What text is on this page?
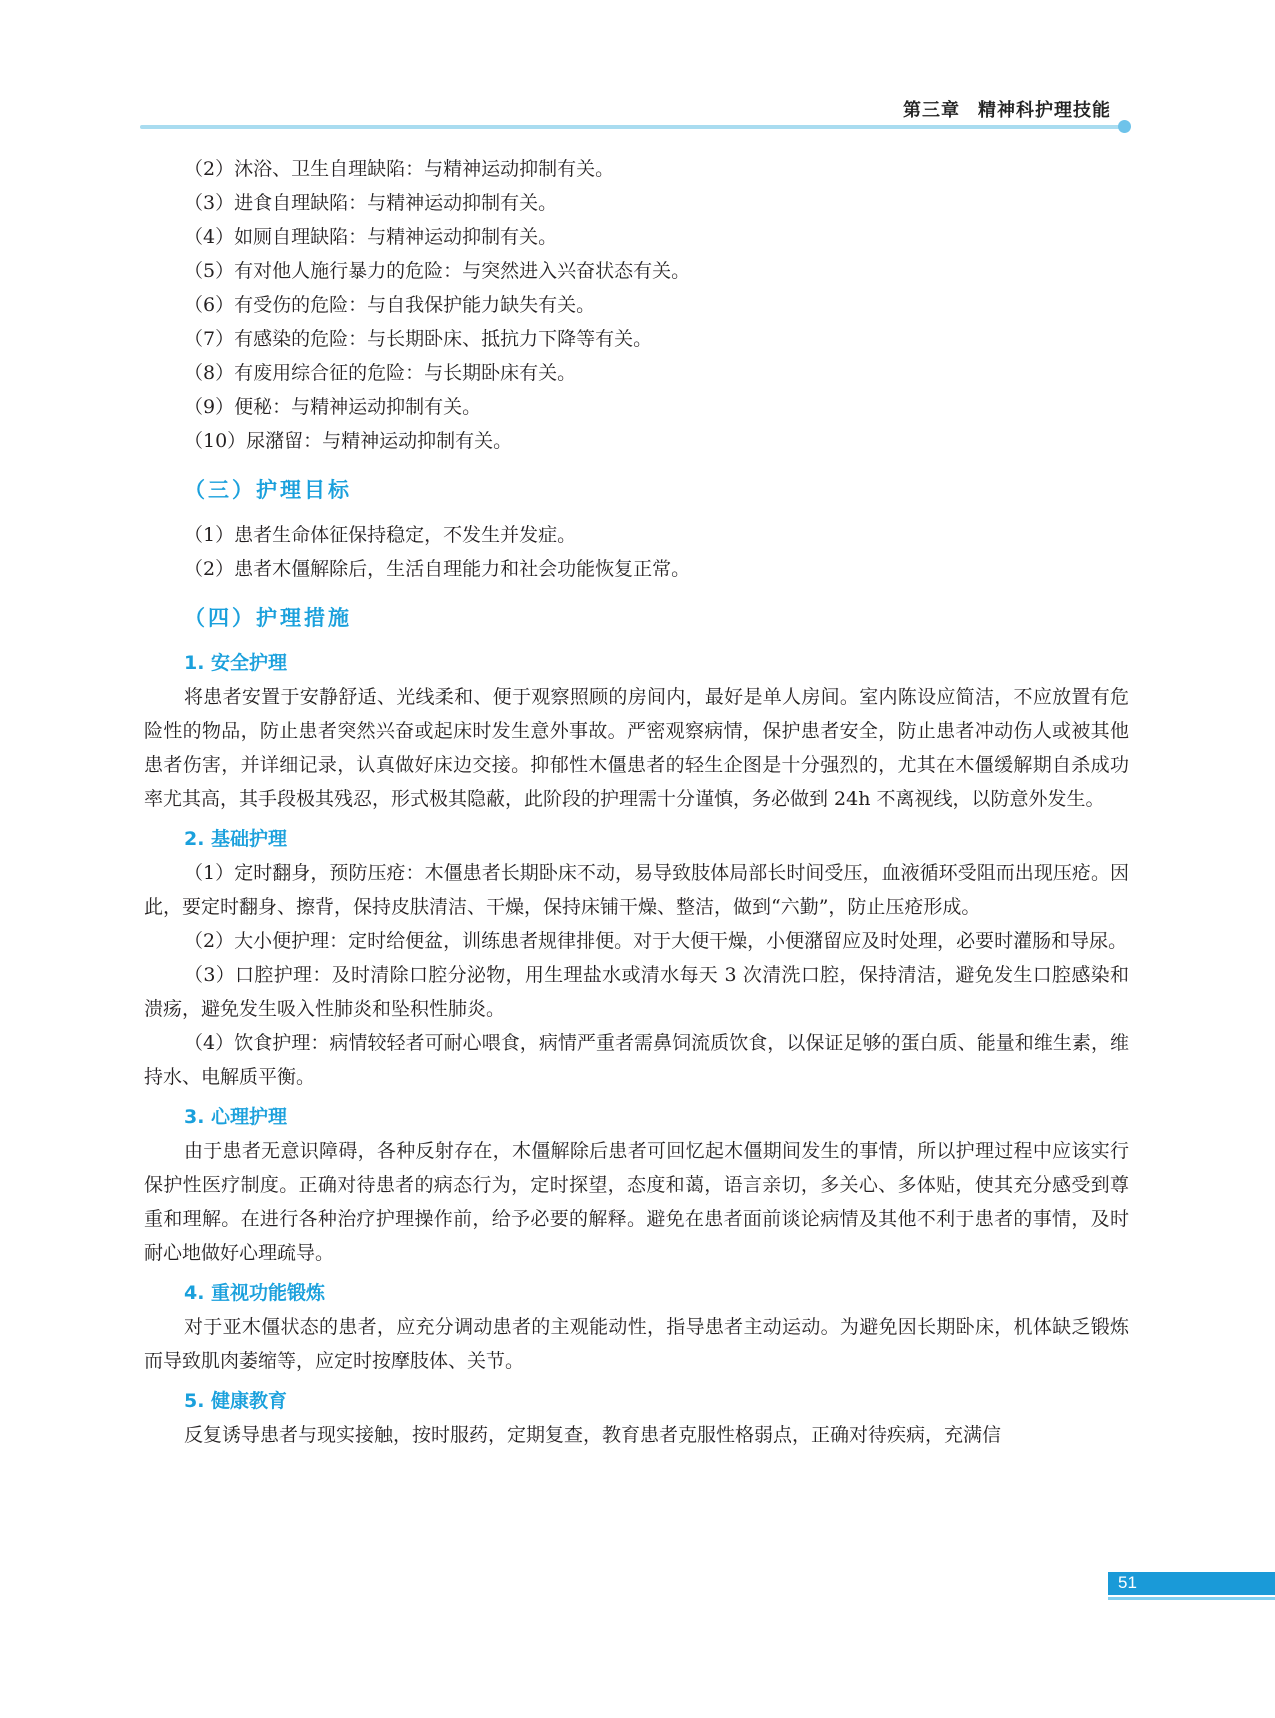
第三章 精神科护理技能

（2）沐浴、卫生自理缺陷：与精神运动抑制有关。

（3）进食自理缺陷：与精神运动抑制有关。

（4）如厕自理缺陷：与精神运动抑制有关。

（5）有对他人施行暴力的危险：与突然进入兴奋状态有关。

（6）有受伤的危险：与自我保护能力缺失有关。

（7）有感染的危险：与长期卧床、抵抗力下降等有关。

（8）有废用综合征的危险：与长期卧床有关。

（9）便秘：与精神运动抑制有关。

（10）尿潴留：与精神运动抑制有关。

（三）护理目标

（1）患者生命体征保持稳定，不发生并发症。

（2）患者木僵解除后，生活自理能力和社会功能恢复正常。

（四）护理措施
1. 安全护理

将患者安置于安静舒适、光线柔和、便于观察照顾的房间内，最好是单人房间。室内陈设应简洁，不应放置有危险性的物品，防止患者突然兴奋或起床时发生意外事故。严密观察病情，保护患者安全，防止患者冲动伤人或被其他患者伤害，并详细记录，认真做好床边交接。抑郁性木僵患者的轻生企图是十分强烈的，尤其在木僵缓解期自杀成功率尤其高，其手段极其残忍，形式极其隐蔽，此阶段的护理需十分谨慎，务必做到 24h 不离视线，以防意外发生。

2. 基础护理

（1）定时翻身，预防压疮：木僵患者长期卧床不动，易导致肢体局部长时间受压，血液循环受阻而出现压疮。因此，要定时翻身、擦背，保持皮肤清洁、干燥，保持床铺干燥、整洁，做到“六勤”，防止压疮形成。

（2）大小便护理：定时给便盆，训练患者规律排便。对于大便干燥，小便潴留应及时处理，必要时灌肠和导尿。

（3）口腔护理：及时清除口腔分泌物，用生理盐水或清水每天 3 次清洗口腔，保持清洁，避免发生口腔感染和溃疡，避免发生吸入性肺炎和坠积性肺炎。

（4）饮食护理：病情较轻者可耐心喂食，病情严重者需鼻饲流质饮食，以保证足够的蛋白质、能量和维生素，维持水、电解质平衡。

3. 心理护理

由于患者无意识障碍，各种反射存在，木僵解除后患者可回忆起木僵期间发生的事情，所以护理过程中应该实行保护性医疗制度。正确对待患者的病态行为，定时探望，态度和蔼，语言亲切，多关心、多体贴，使其充分感受到尊重和理解。在进行各种治疗护理操作前，给予必要的解释。避免在患者面前谈论病情及其他不利于患者的事情，及时耐心地做好心理疏导。

4. 重视功能锻炼

对于亚木僵状态的患者，应充分调动患者的主观能动性，指导患者主动运动。为避免因长期卧床，机体缺乏锻炼而导致肌肉萎缩等，应定时按摩肢体、关节。

5. 健康教育

反复诱导患者与现实接触，按时服药，定期复查，教育患者克服性格弱点，正确对待疾病，充满信

51
